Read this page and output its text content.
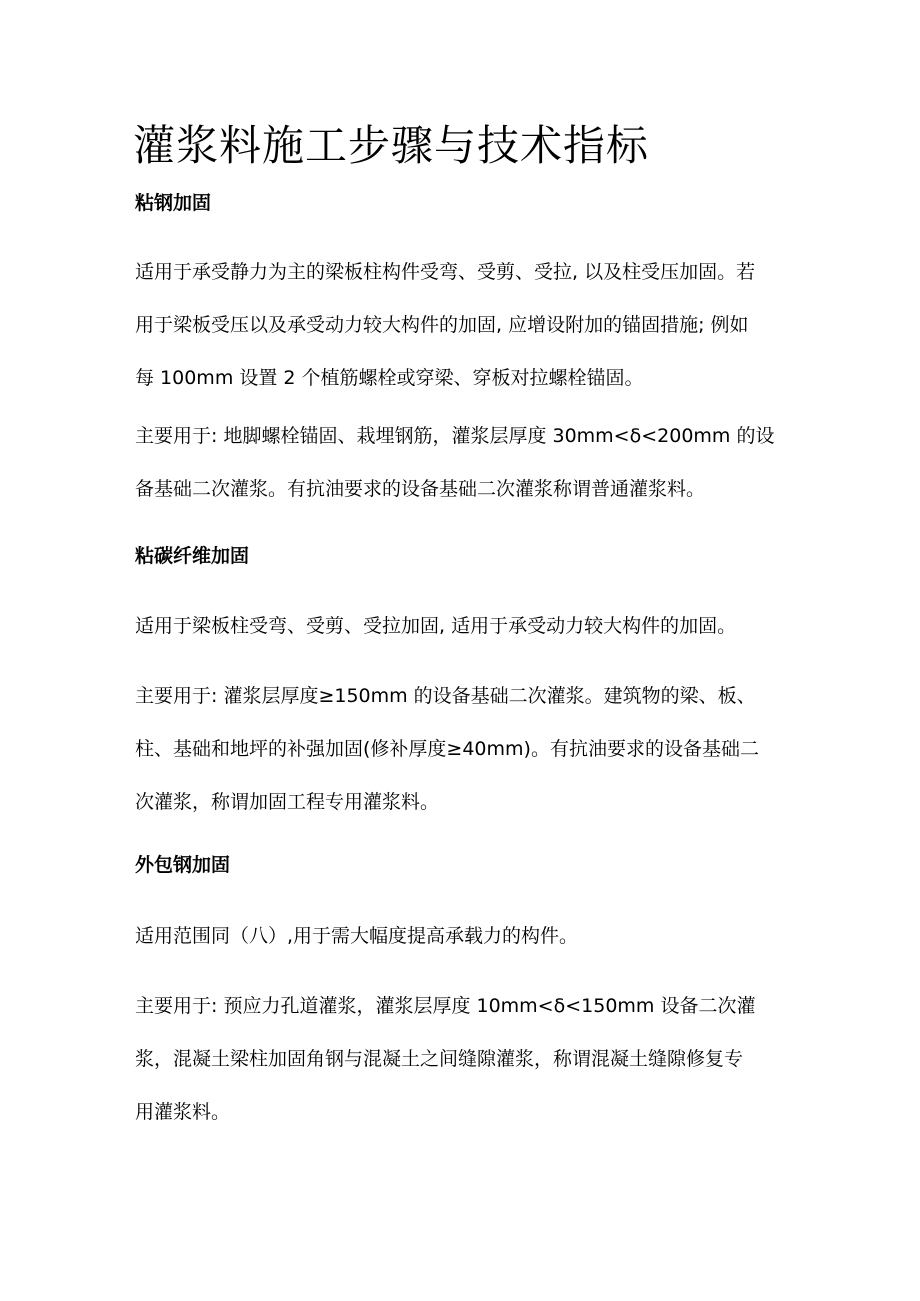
灌浆料施工步骤与技术指标
粘钢加固

适用于承受静力为主的梁板柱构件受弯、受剪、受拉, 以及柱受压加固。若
用于梁板受压以及承受动力较大构件的加固, 应增设附加的锚固措施; 例如
每 100mm 设置 2 个植筋螺栓或穿梁、穿板对拉螺栓锚固。

主要用于: 地脚螺栓锚固、栽埋钢筋，灌浆层厚度 30mm<δ<200mm 的设
备基础二次灌浆。有抗油要求的设备基础二次灌浆称谓普通灌浆料。

粘碳纤维加固

适用于梁板柱受弯、受剪、受拉加固, 适用于承受动力较大构件的加固。

主要用于: 灌浆层厚度≥150mm 的设备基础二次灌浆。建筑物的梁、板、
柱、基础和地坪的补强加固(修补厚度≥40mm)。有抗油要求的设备基础二
次灌浆，称谓加固工程专用灌浆料。

外包钢加固

适用范围同（八）,用于需大幅度提高承载力的构件。

主要用于: 预应力孔道灌浆，灌浆层厚度 10mm<δ<150mm 设备二次灌
浆，混凝土梁柱加固角钢与混凝土之间缝隙灌浆，称谓混凝土缝隙修复专
用灌浆料。
